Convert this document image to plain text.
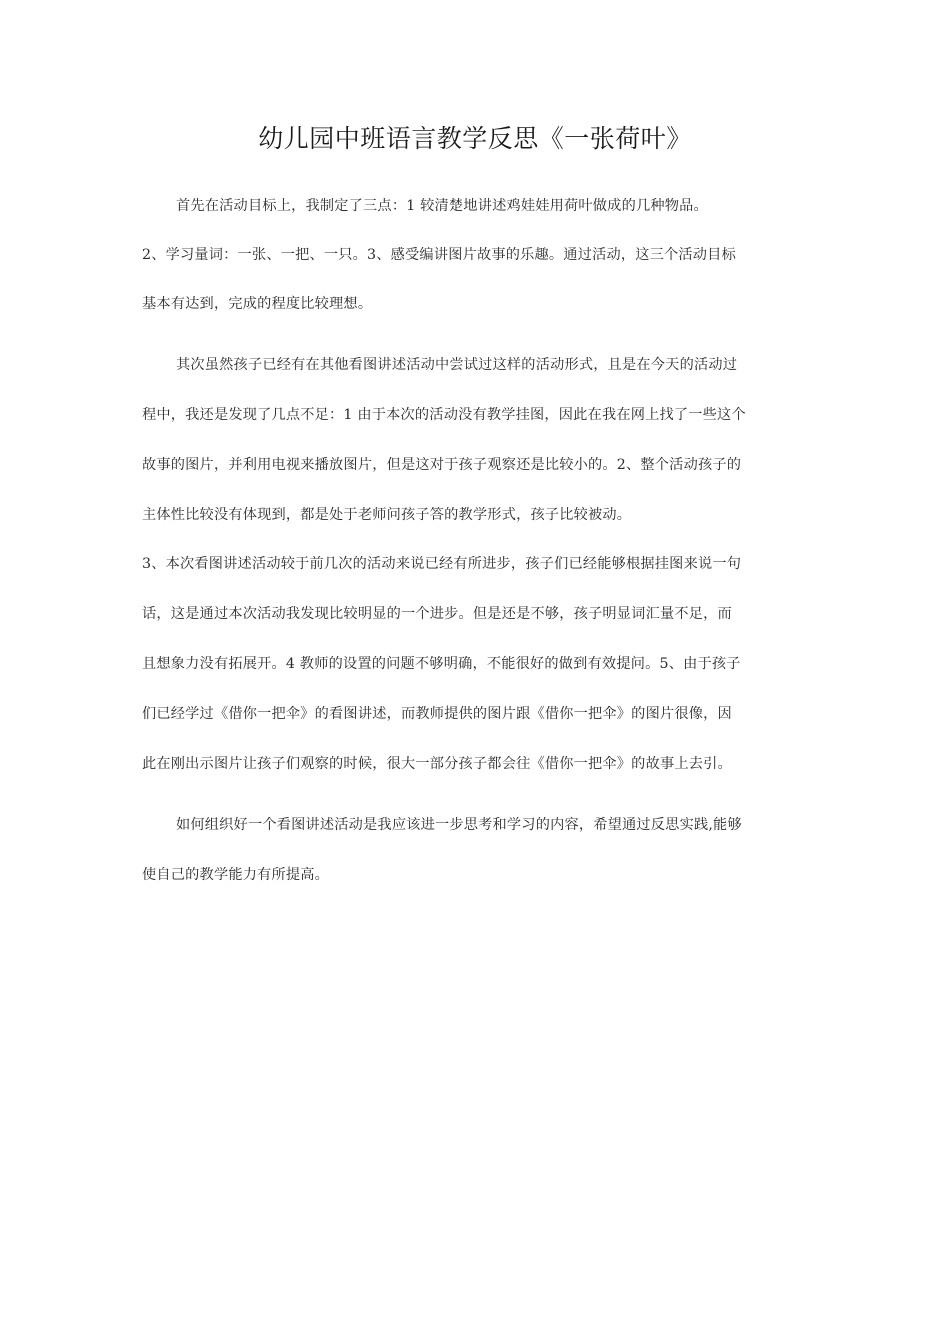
幼儿园中班语言教学反思《一张荷叶》
首先在活动目标上，我制定了三点：1 较清楚地讲述鸡娃娃用荷叶做成的几种物品。
2、学习量词：一张、一把、一只。3、感受编讲图片故事的乐趣。通过活动，这三个活动目标
基本有达到，完成的程度比较理想。
其次虽然孩子已经有在其他看图讲述活动中尝试过这样的活动形式，且是在今天的活动过
程中，我还是发现了几点不足：1 由于本次的活动没有教学挂图，因此在我在网上找了一些这个
故事的图片，并利用电视来播放图片，但是这对于孩子观察还是比较小的。2、整个活动孩子的
主体性比较没有体现到，都是处于老师问孩子答的教学形式，孩子比较被动。
3、本次看图讲述活动较于前几次的活动来说已经有所进步，孩子们已经能够根据挂图来说一句
话，这是通过本次活动我发现比较明显的一个进步。但是还是不够，孩子明显词汇量不足，而
且想象力没有拓展开。4 教师的设置的问题不够明确，不能很好的做到有效提问。5、由于孩子
们已经学过《借你一把伞》的看图讲述，而教师提供的图片跟《借你一把伞》的图片很像，因
此在刚出示图片让孩子们观察的时候，很大一部分孩子都会往《借你一把伞》的故事上去引。
如何组织好一个看图讲述活动是我应该进一步思考和学习的内容，希望通过反思实践,能够
使自己的教学能力有所提高。
